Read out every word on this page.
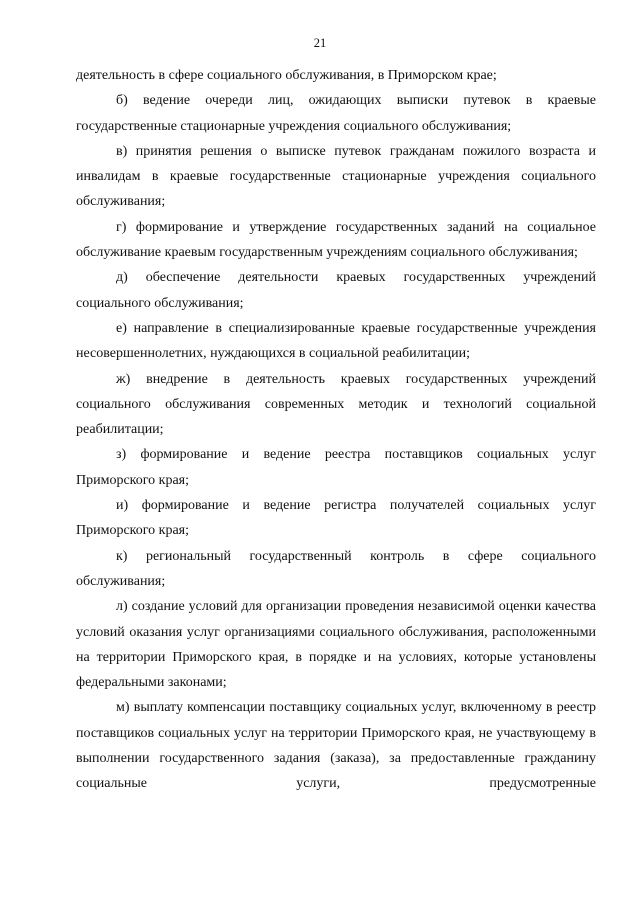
21

деятельность в сфере социального обслуживания, в Приморском крае;

б) ведение очереди лиц, ожидающих выписки путевок в краевые государственные стационарные учреждения социального обслуживания;

в) принятия решения о выписке путевок гражданам пожилого возраста и инвалидам в краевые государственные стационарные учреждения социального обслуживания;

г) формирование и утверждение государственных заданий на социальное обслуживание краевым государственным учреждениям социального обслуживания;

д) обеспечение деятельности краевых государственных учреждений социального обслуживания;

е) направление в специализированные краевые государственные учреждения несовершеннолетних, нуждающихся в социальной реабилитации;

ж) внедрение в деятельность краевых государственных учреждений социального обслуживания современных методик и технологий социальной реабилитации;

з) формирование и ведение реестра поставщиков социальных услуг Приморского края;

и) формирование и ведение регистра получателей социальных услуг Приморского края;

к) региональный государственный контроль в сфере социального обслуживания;

л) создание условий для организации проведения независимой оценки качества условий оказания услуг организациями социального обслуживания, расположенными на территории Приморского края, в порядке и на условиях, которые установлены федеральными законами;

м) выплату компенсации поставщику социальных услуг, включенному в реестр поставщиков социальных услуг на территории Приморского края, не участвующему в выполнении государственного задания (заказа), за предоставленные гражданину социальные услуги, предусмотренные
